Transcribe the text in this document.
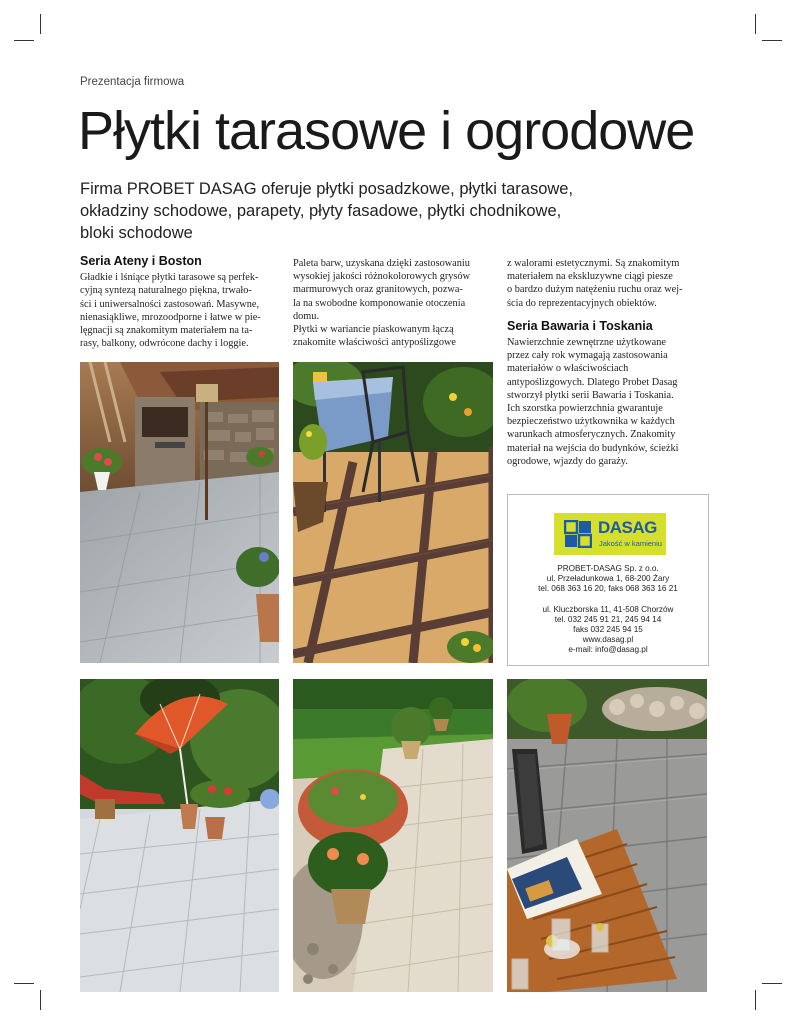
Prezentacja firmowa
Płytki tarasowe i ogrodowe
Firma PROBET DASAG oferuje płytki posadzkowe, płytki tarasowe,
okładziny schodowe, parapety, płyty fasadowe, płytki chodnikowe,
bloki schodowe
Seria Ateny i Boston

Gładkie i lśniące płytki tarasowe są perfek-
cyjną syntezą naturalnego piękna, trwało-
ści i uniwersalności zastosowań. Masywne,
nienasiąkliwe, mrozoodporne i łatwe w pie-
lęgnacji są znakomitym materiałem na ta-
rasy, balkony, odwrócone dachy i loggie.

Paleta barw, uzyskana dzięki zastosowaniu
wysokiej jakości różnokolorowych grysów
marmurowych oraz granitowych, pozwa-
la na swobodne komponowanie otoczenia
domu.
Płytki w wariancie piaskowanym łączą
znakomite właściwości antypoślizgowe

z walorami estetycznymi. Są znakomitym
materiałem na ekskluzywne ciągi piesze
o bardzo dużym natężeniu ruchu oraz wej-
ścia do reprezentacyjnych obiektów.

Seria Bawaria i Toskania

Nawierzchnie zewnętrzne użytkowane
przez cały rok wymagają zastosowania
materiałów o właściwościach
antypoślizgowych. Dlatego Probet Dasag
stworzył płytki serii Bawaria i Toskania.
Ich szorstka powierzchnia gwarantuje
bezpieczeństwo użytkownika w każdych
warunkach atmosferycznych. Znakomity
materiał na wejścia do budynków, ścieżki
ogrodowe, wjazdy do garaży.

DASAG
Jakość w kamieniu
PROBET-DASAG Sp. z o.o.
ul. Przeładunkowa 1, 68-200 Żary
tel. 068 363 16 20, faks 068 363 16 21
ul. Kluczborska 11, 41-508 Chorzów
tel. 032 245 91 21, 245 94 14
faks 032 245 94 15
www.dasag.pl
e-mail: info@dasag.pl
